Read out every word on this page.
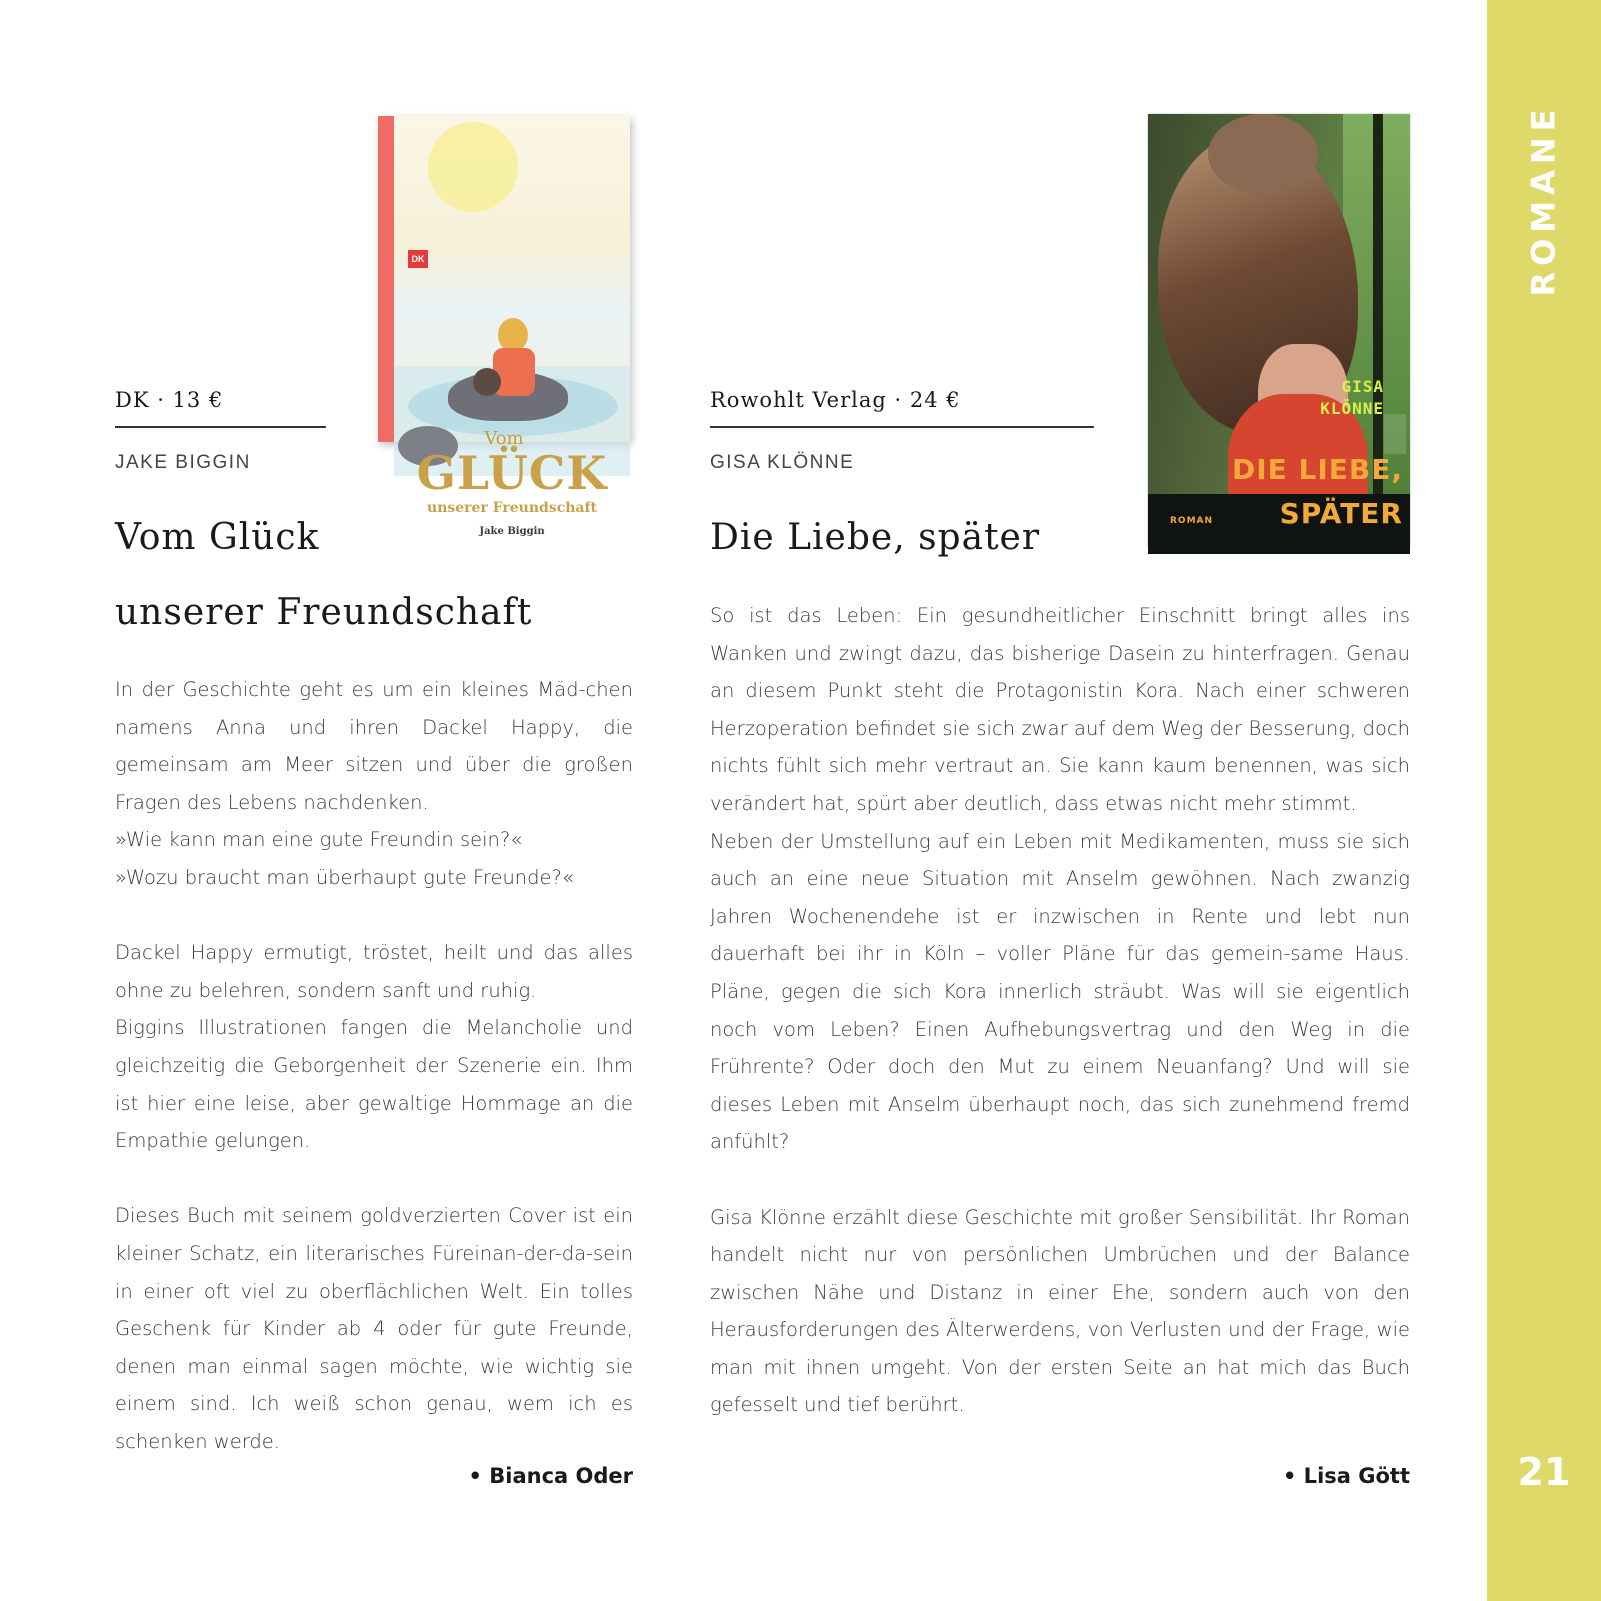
ROMANE
21
DK · 13 €
JAKE BIGGIN
Vom Glück
unserer Freundschaft

In der Geschichte geht es um ein kleines Mäd-chen namens Anna und ihren Dackel Happy, die gemeinsam am Meer sitzen und über die großen Fragen des Lebens nachdenken.

»Wie kann man eine gute Freundin sein?«

»Wozu braucht man überhaupt gute Freunde?«

Dackel Happy ermutigt, tröstet, heilt und das alles ohne zu belehren, sondern sanft und ruhig.

Biggins Illustrationen fangen die Melancholie und gleichzeitig die Geborgenheit der Szenerie ein. Ihm ist hier eine leise, aber gewaltige Hommage an die Empathie gelungen.

Dieses Buch mit seinem goldverzierten Cover ist ein kleiner Schatz, ein literarisches Füreinan-der-da-sein in einer oft viel zu oberflächlichen Welt. Ein tolles Geschenk für Kinder ab 4 oder für gute Freunde, denen man einmal sagen möchte, wie wichtig sie einem sind. Ich weiß schon genau, wem ich es schenken werde.

• Bianca Oder
DK
Vom
GLÜCK
unserer Freundschaft
Jake Biggin
Rowohlt Verlag · 24 €
GISA KLÖNNE
Die Liebe, später

So ist das Leben: Ein gesundheitlicher Einschnitt bringt alles ins Wanken und zwingt dazu, das bisherige Dasein zu hinterfragen. Genau an diesem Punkt steht die Protagonistin Kora. Nach einer schweren Herzoperation befindet sie sich zwar auf dem Weg der Besserung, doch nichts fühlt sich mehr vertraut an. Sie kann kaum benennen, was sich verändert hat, spürt aber deutlich, dass etwas nicht mehr stimmt.

Neben der Umstellung auf ein Leben mit Medikamenten, muss sie sich auch an eine neue Situation mit Anselm gewöhnen. Nach zwanzig Jahren Wochenendehe ist er inzwischen in Rente und lebt nun dauerhaft bei ihr in Köln – voller Pläne für das gemein-same Haus. Pläne, gegen die sich Kora innerlich sträubt. Was will sie eigentlich noch vom Leben? Einen Aufhebungsvertrag und den Weg in die Frührente? Oder doch den Mut zu einem Neuanfang? Und will sie dieses Leben mit Anselm überhaupt noch, das sich zunehmend fremd anfühlt?

Gisa Klönne erzählt diese Geschichte mit großer Sensibilität. Ihr Roman handelt nicht nur von persönlichen Umbrüchen und der Balance zwischen Nähe und Distanz in einer Ehe, sondern auch von den Herausforderungen des Älterwerdens, von Verlusten und der Frage, wie man mit ihnen umgeht. Von der ersten Seite an hat mich das Buch gefesselt und tief berührt.

• Lisa Gött
GISA
KLÖNNE
DIE LIEBE,
SPÄTER
ROMAN
